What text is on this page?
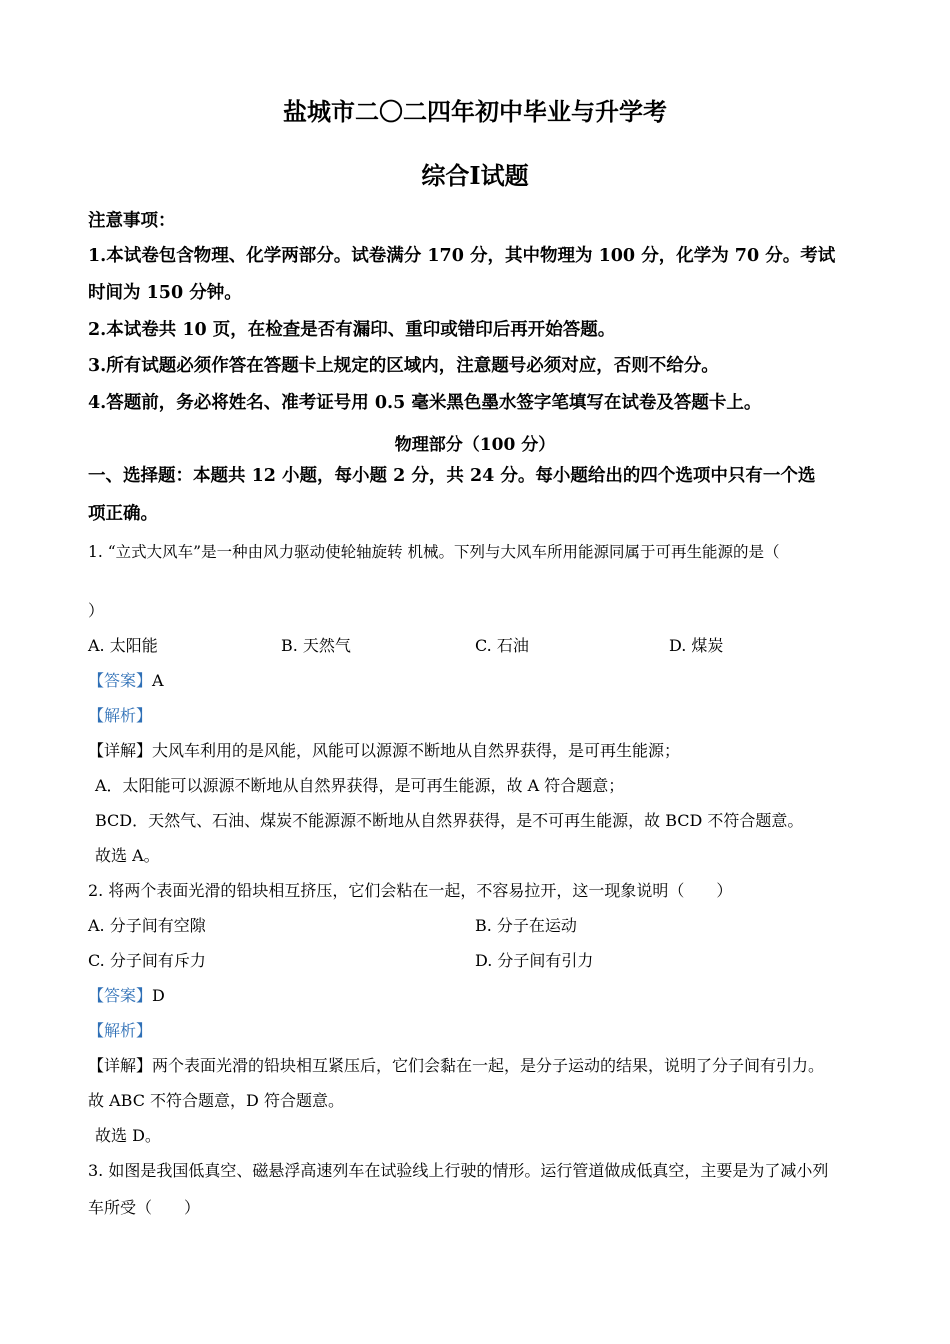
盐城市二〇二四年初中毕业与升学考
综合Ⅰ试题
注意事项：
1.本试卷包含物理、化学两部分。试卷满分 170 分，其中物理为 100 分，化学为 70 分。考试
时间为 150 分钟。
2.本试卷共 10 页，在检查是否有漏印、重印或错印后再开始答题。
3.所有试题必须作答在答题卡上规定的区域内，注意题号必须对应，否则不给分。
4.答题前，务必将姓名、准考证号用 0.5 毫米黑色墨水签字笔填写在试卷及答题卡上。
物理部分（100 分）
一、选择题：本题共 12 小题，每小题 2 分，共 24 分。每小题给出的四个选项中只有一个选
项正确。
1. “立式大风车”是一种由风力驱动使轮轴旋转 机械。下列与大风车所用能源同属于可再生能源的是（
）
A. 太阳能	B. 天然气	C. 石油	D. 煤炭
【答案】A
【解析】
【详解】大风车利用的是风能，风能可以源源不断地从自然界获得，是可再生能源；
A．太阳能可以源源不断地从自然界获得，是可再生能源，故 A 符合题意；
BCD．天然气、石油、煤炭不能源源不断地从自然界获得，是不可再生能源，故 BCD 不符合题意。
故选 A。
2. 将两个表面光滑的铅块相互挤压，它们会粘在一起，不容易拉开，这一现象说明（　　）
A. 分子间有空隙	B. 分子在运动
C. 分子间有斥力	D. 分子间有引力
【答案】D
【解析】
【详解】两个表面光滑的铅块相互紧压后，它们会黏在一起，是分子运动的结果，说明了分子间有引力。
故 ABC 不符合题意，D 符合题意。
故选 D。
3. 如图是我国低真空、磁悬浮高速列车在试验线上行驶的情形。运行管道做成低真空，主要是为了减小列
车所受（　　）
